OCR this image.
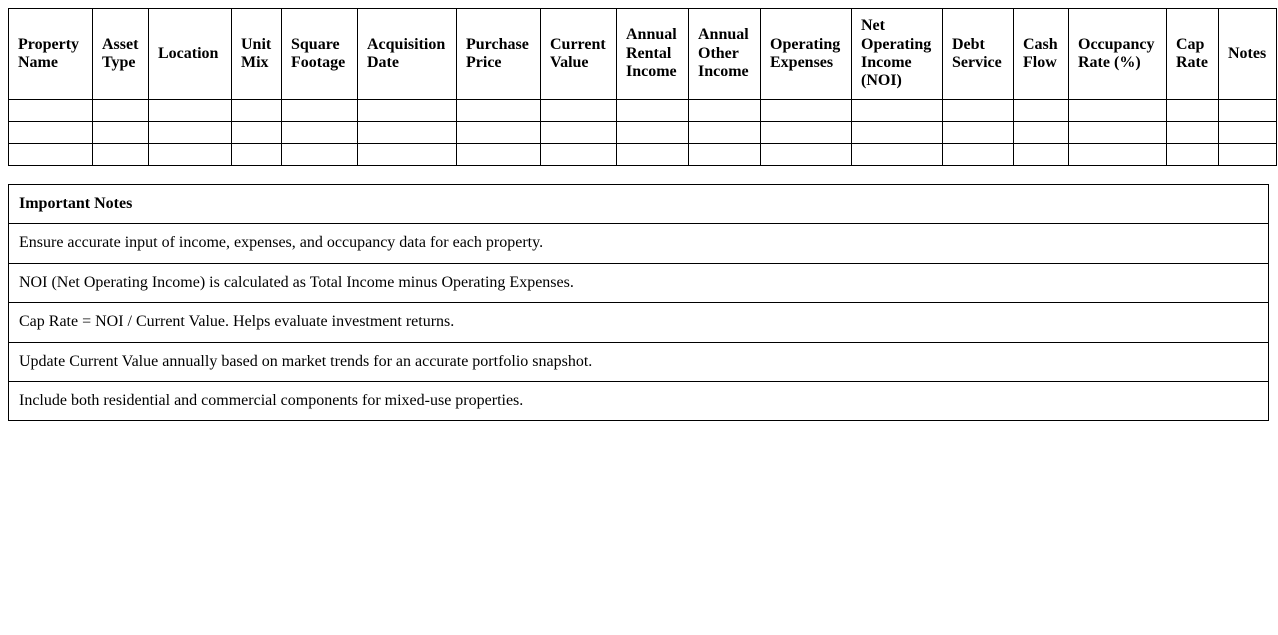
Property Name	Asset Type	Location	Unit Mix	Square Footage	Acquisition Date	Purchase Price	Current Value	Annual Rental Income	Annual Other Income	Operating Expenses	Net Operating Income (NOI)	Debt Service	Cash Flow	Occupancy Rate (%)	Cap Rate	Notes

Important Notes
Ensure accurate input of income, expenses, and occupancy data for each property.
NOI (Net Operating Income) is calculated as Total Income minus Operating Expenses.
Cap Rate = NOI / Current Value. Helps evaluate investment returns.
Update Current Value annually based on market trends for an accurate portfolio snapshot.
Include both residential and commercial components for mixed-use properties.
